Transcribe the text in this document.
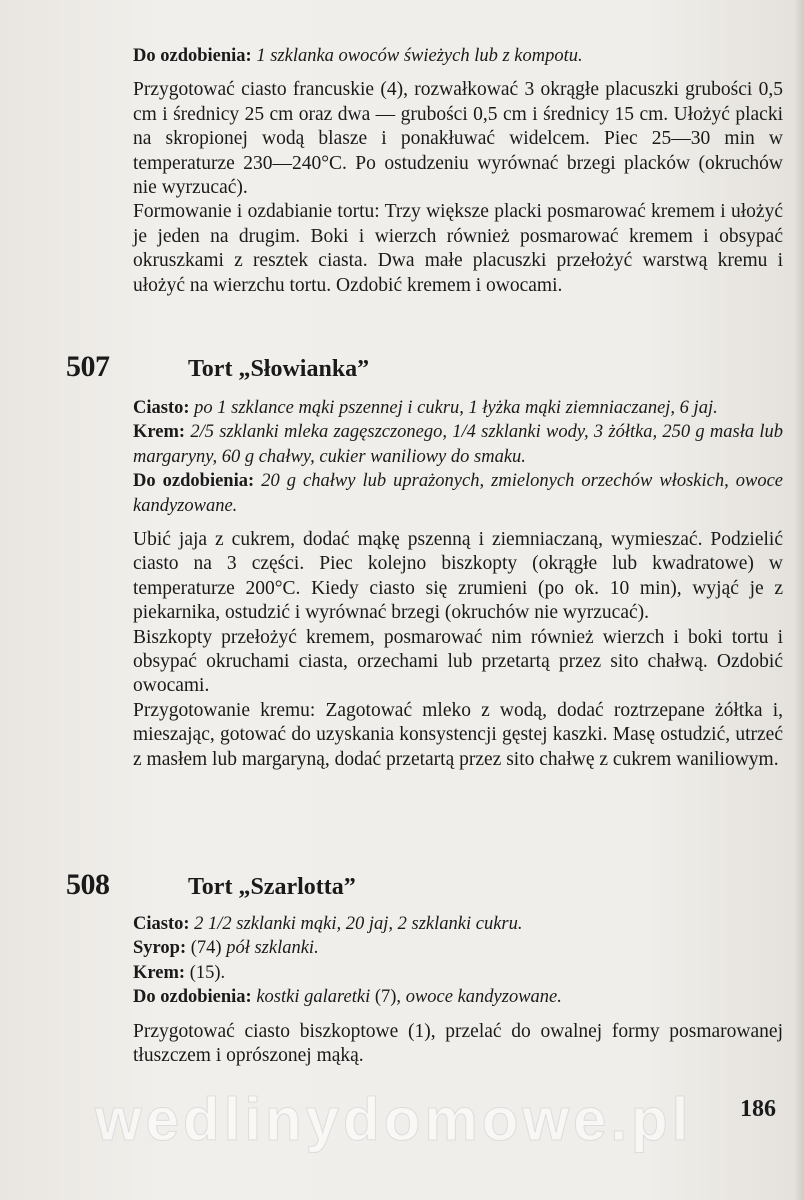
Do ozdobienia: 1 szklanka owoców świeżych lub z kompotu.

Przygotować ciasto francuskie (4), rozwałkować 3 okrągłe placuszki grubości 0,5 cm i średnicy 25 cm oraz dwa — grubości 0,5 cm i średnicy 15 cm. Ułożyć placki na skropionej wodą blasze i ponakłuwać widelcem. Piec 25—30 min w temperaturze 230—240°C. Po ostudzeniu wyrównać brzegi placków (okruchów nie wyrzucać).

Formowanie i ozdabianie tortu: Trzy większe placki posmarować kremem i ułożyć je jeden na drugim. Boki i wierzch również posmarować kremem i obsypać okruszkami z resztek ciasta. Dwa małe placuszki przełożyć warstwą kremu i ułożyć na wierzchu tortu. Ozdobić kremem i owocami.

507	Tort „Słowianka”
Ciasto: po 1 szklance mąki pszennej i cukru, 1 łyżka mąki ziemniaczanej, 6 jaj.
Krem: 2/5 szklanki mleka zagęszczonego, 1/4 szklanki wody, 3 żółtka, 250 g masła lub margaryny, 60 g chałwy, cukier waniliowy do smaku.
Do ozdobienia: 20 g chałwy lub uprażonych, zmielonych orzechów włoskich, owoce kandyzowane.

Ubić jaja z cukrem, dodać mąkę pszenną i ziemniaczaną, wymieszać. Podzielić ciasto na 3 części. Piec kolejno biszkopty (okrągłe lub kwadratowe) w temperaturze 200°C. Kiedy ciasto się zrumieni (po ok. 10 min), wyjąć je z piekarnika, ostudzić i wyrównać brzegi (okruchów nie wyrzucać).

Biszkopty przełożyć kremem, posmarować nim również wierzch i boki tortu i obsypać okruchami ciasta, orzechami lub przetartą przez sito chałwą. Ozdobić owocami.

Przygotowanie kremu: Zagotować mleko z wodą, dodać roztrzepane żółtka i, mieszając, gotować do uzyskania konsystencji gęstej kaszki. Masę ostudzić, utrzeć z masłem lub margaryną, dodać przetartą przez sito chałwę z cukrem waniliowym.

508	Tort „Szarlotta”
Ciasto: 2 1/2 szklanki mąki, 20 jaj, 2 szklanki cukru.
Syrop: (74) pół szklanki.
Krem: (15).
Do ozdobienia: kostki galaretki (7), owoce kandyzowane.

Przygotować ciasto biszkoptowe (1), przelać do owalnej formy posmarowanej tłuszczem i oprószonej mąką.

wedlinydomowe.pl 186
